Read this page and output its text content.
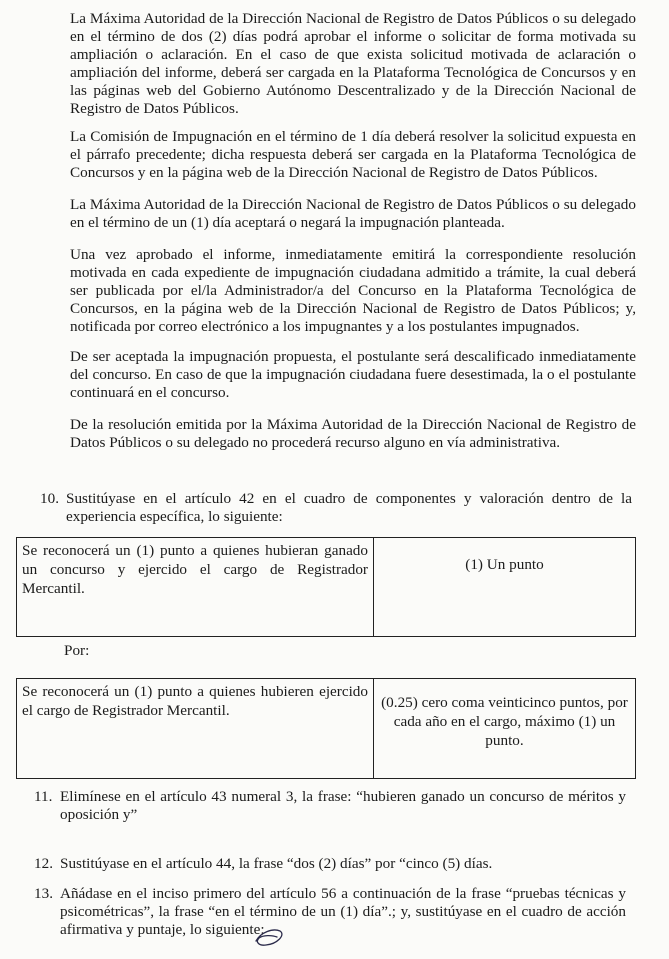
La Máxima Autoridad de la Dirección Nacional de Registro de Datos Públicos o su delegado en el término de dos (2) días podrá aprobar el informe o solicitar de forma motivada su ampliación o aclaración. En el caso de que exista solicitud motivada de aclaración o ampliación del informe, deberá ser cargada en la Plataforma Tecnológica de Concursos y en las páginas web del Gobierno Autónomo Descentralizado y de la Dirección Nacional de Registro de Datos Públicos.

La Comisión de Impugnación en el término de 1 día deberá resolver la solicitud expuesta en el párrafo precedente; dicha respuesta deberá ser cargada en la Plataforma Tecnológica de Concursos y en la página web de la Dirección Nacional de Registro de Datos Públicos.

La Máxima Autoridad de la Dirección Nacional de Registro de Datos Públicos o su delegado en el término de un (1) día aceptará o negará la impugnación planteada.

Una vez aprobado el informe, inmediatamente emitirá la correspondiente resolución motivada en cada expediente de impugnación ciudadana admitido a trámite, la cual deberá ser publicada por el/la Administrador/a del Concurso en la Plataforma Tecnológica de Concursos, en la página web de la Dirección Nacional de Registro de Datos Públicos; y, notificada por correo electrónico a los impugnantes y a los postulantes impugnados.

De ser aceptada la impugnación propuesta, el postulante será descalificado inmediatamente del concurso. En caso de que la impugnación ciudadana fuere desestimada, la o el postulante continuará en el concurso.

De la resolución emitida por la Máxima Autoridad de la Dirección Nacional de Registro de Datos Públicos o su delegado no procederá recurso alguno en vía administrativa.

10. Sustitúyase en el artículo 42 en el cuadro de componentes y valoración dentro de la experiencia específica, lo siguiente:

Se reconocerá un (1) punto a quienes hubieran ganado un concurso y ejercido el cargo de Registrador Mercantil.	(1) Un punto
Por:
Se reconocerá un (1) punto a quienes hubieren ejercido el cargo de Registrador Mercantil.	(0.25) cero coma veinticinco puntos, por cada año en el cargo, máximo (1) un punto.
11. Elimínese en el artículo 43 numeral 3, la frase: “hubieren ganado un concurso de méritos y oposición y”

12. Sustitúyase en el artículo 44, la frase “dos (2) días” por “cinco (5) días.

13. Añádase en el inciso primero del artículo 56 a continuación de la frase “pruebas técnicas y psicométricas”, la frase “en el término de un (1) día”.; y, sustitúyase en el cuadro de acción afirmativa y puntaje, lo siguiente:
